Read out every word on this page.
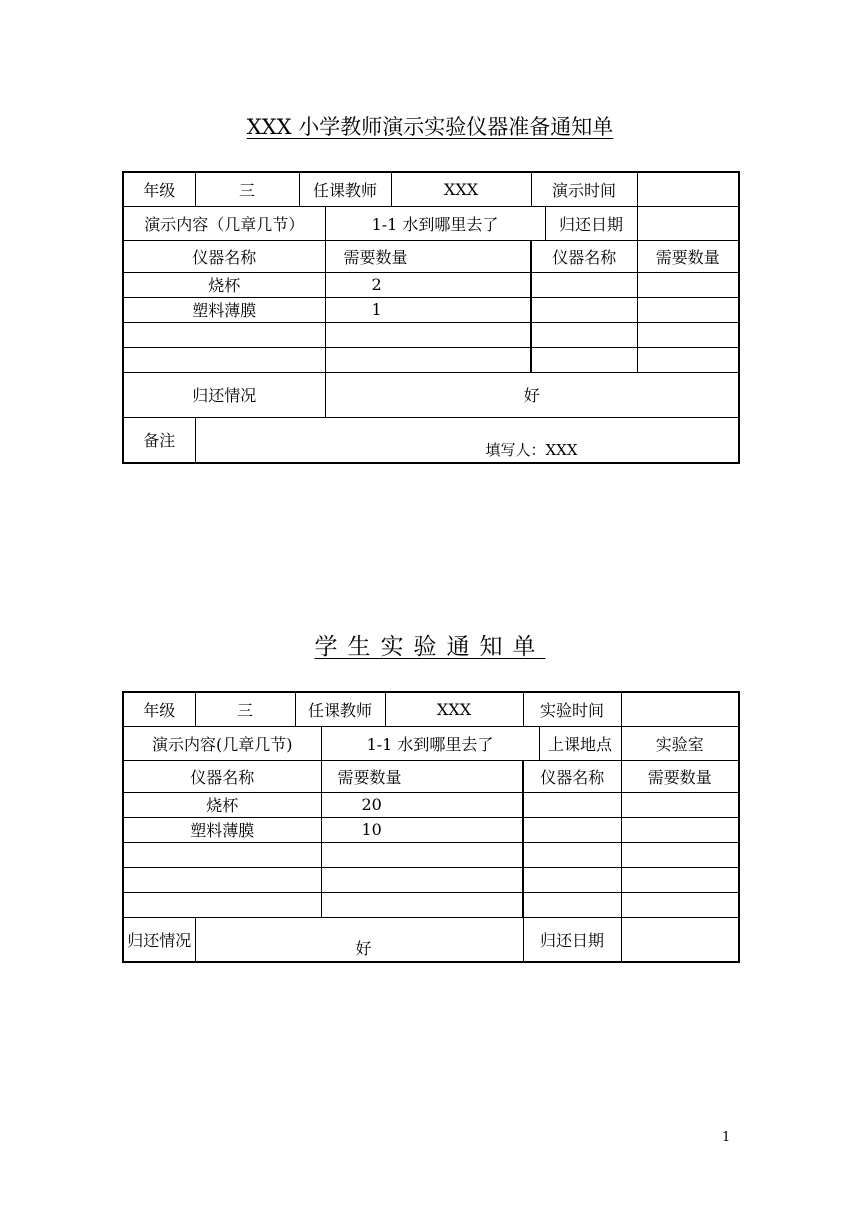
XXX 小学教师演示实验仪器准备通知单
年级	三	任课教师		XXX	演示时间		
演示内容（几章几节）			1-1 水到哪里去了			归还日期	
仪器名称			需要数量		仪器名称		需要数量
烧杯			2				
塑料薄膜			1				

归还情况			好				
备注	填写人：XXX						
学生实验通知单
年级	三	任课教师		XXX	实验时间		
演示内容(几章几节)			1-1 水到哪里去了			上课地点	实验室
仪器名称			需要数量		仪器名称		需要数量
烧杯			20				
塑料薄膜			10				

归还情况	好				归还日期		
1
